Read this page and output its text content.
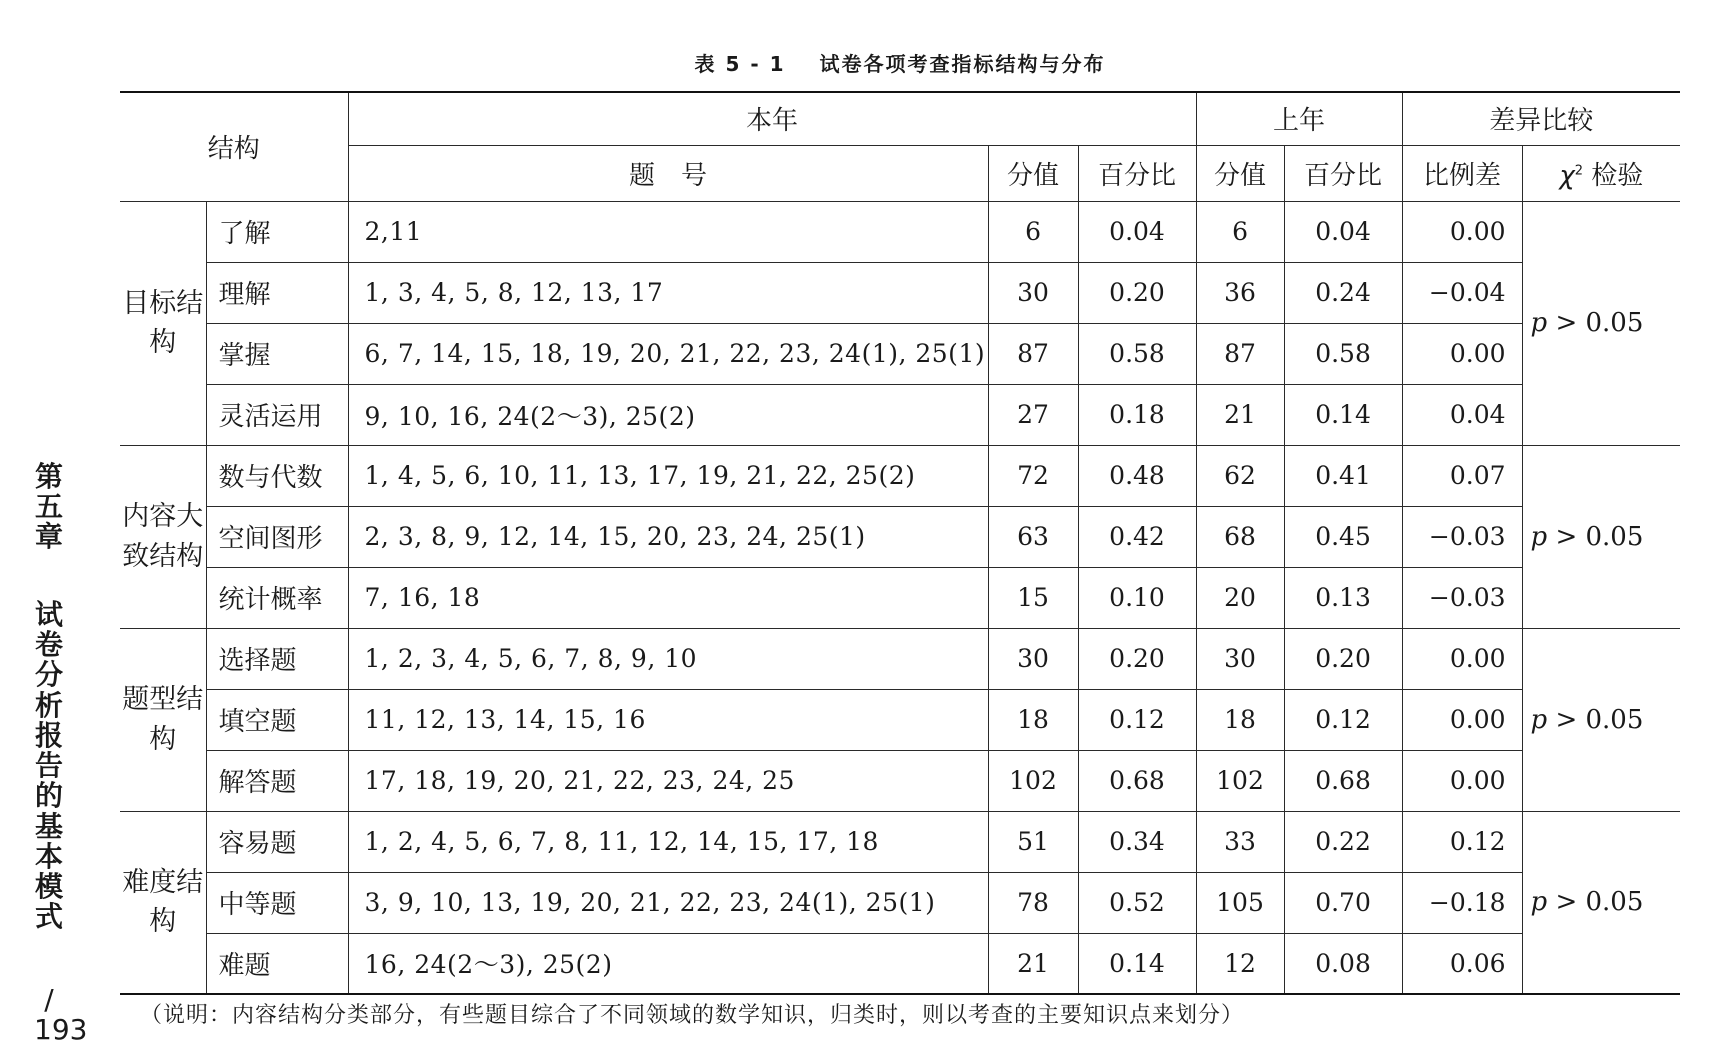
第
五
章
试
卷
分
析
报
告
的
基
本
模
式
/ 193
表 5 - 1 试卷各项考查指标结构与分布
结构		本年			上年		差异比较	
		题　号	分值	百分比	分值	百分比	比例差	$\chi^2$ 检验
目标结构	了解	2,11	6	0.04	6	0.04	0.00	p > 0.05
	理解	1, 3, 4, 5, 8, 12, 13, 17	30	0.20	36	0.24	−0.04	
	掌握	6, 7, 14, 15, 18, 19, 20, 21, 22, 23, 24(1), 25(1)	87	0.58	87	0.58	0.00	
	灵活运用	9, 10, 16, 24(2～3), 25(2)	27	0.18	21	0.14	0.04	
内容大致结构	数与代数	1, 4, 5, 6, 10, 11, 13, 17, 19, 21, 22, 25(2)	72	0.48	62	0.41	0.07	p > 0.05
	空间图形	2, 3, 8, 9, 12, 14, 15, 20, 23, 24, 25(1)	63	0.42	68	0.45	−0.03	
	统计概率	7, 16, 18	15	0.10	20	0.13	−0.03	
题型结构	选择题	1, 2, 3, 4, 5, 6, 7, 8, 9, 10	30	0.20	30	0.20	0.00	p > 0.05
	填空题	11, 12, 13, 14, 15, 16	18	0.12	18	0.12	0.00	
	解答题	17, 18, 19, 20, 21, 22, 23, 24, 25	102	0.68	102	0.68	0.00	
难度结构	容易题	1, 2, 4, 5, 6, 7, 8, 11, 12, 14, 15, 17, 18	51	0.34	33	0.22	0.12	p > 0.05
	中等题	3, 9, 10, 13, 19, 20, 21, 22, 23, 24(1), 25(1)	78	0.52	105	0.70	−0.18	
	难题	16, 24(2～3), 25(2)	21	0.14	12	0.08	0.06	
（说明：内容结构分类部分，有些题目综合了不同领域的数学知识，归类时，则以考查的主要知识点来划分）
